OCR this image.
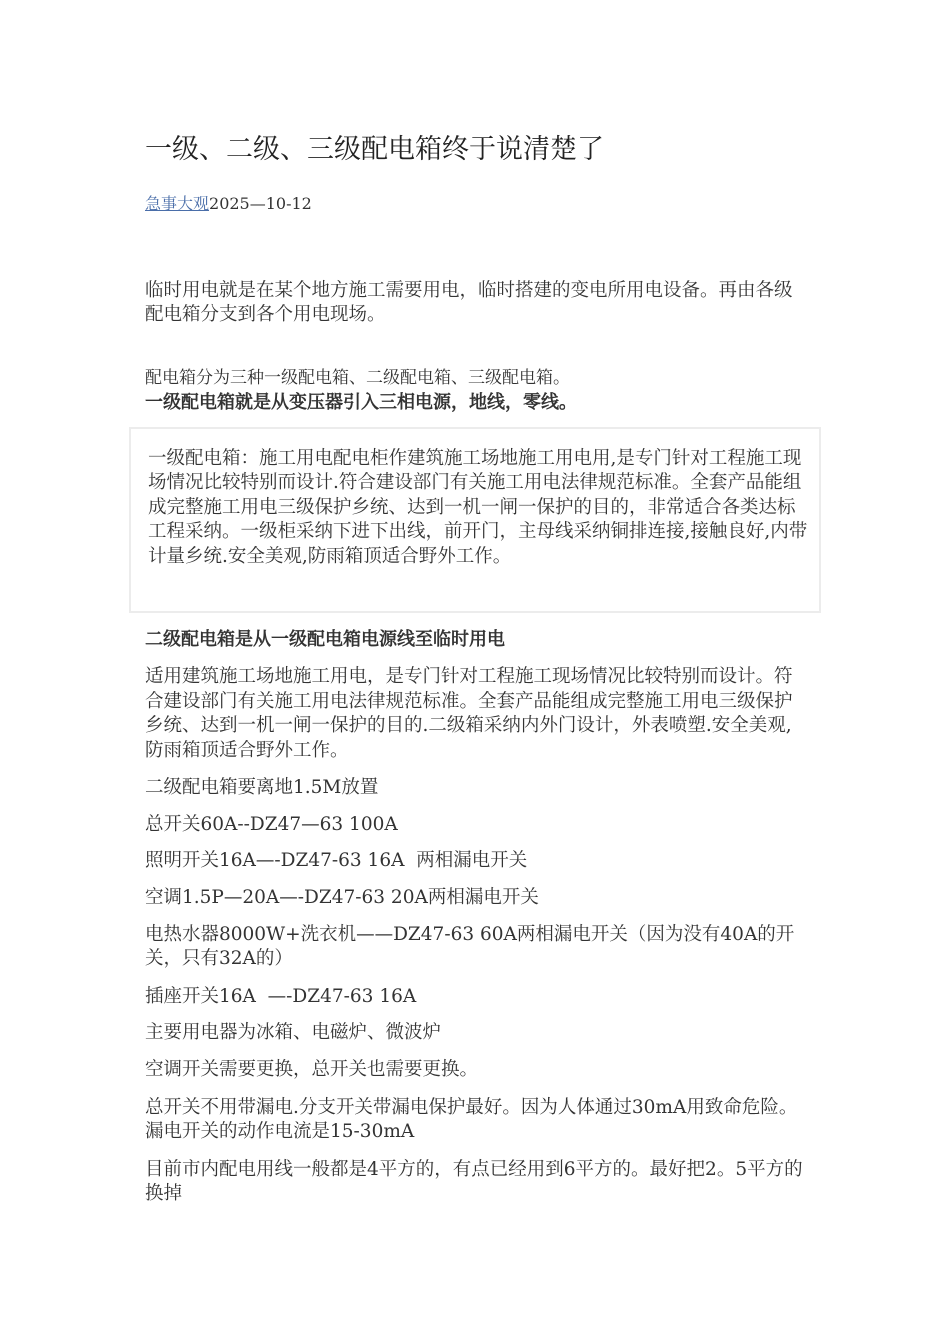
一级、二级、三级配电箱终于说清楚了
急事大观2025—10-12

临时用电就是在某个地方施工需要用电，临时搭建的变电所用电设备。再由各级配电箱分支到各个用电现场。

配电箱分为三种一级配电箱、二级配电箱、三级配电箱。

一级配电箱就是从变压器引入三相电源，地线，零线。

一级配电箱：施工用电配电柜作建筑施工场地施工用电用,是专门针对工程施工现场情况比较特别而设计.符合建设部门有关施工用电法律规范标准。全套产品能组成完整施工用电三级保护乡统、达到一机一闸一保护的目的，非常适合各类达标工程采纳。一级柜采纳下进下出线，前开门，主母线采纳铜排连接,接触良好,内带计量乡统.安全美观,防雨箱顶适合野外工作。

二级配电箱是从一级配电箱电源线至临时用电

适用建筑施工场地施工用电，是专门针对工程施工现场情况比较特别而设计。符合建设部门有关施工用电法律规范标准。全套产品能组成完整施工用电三级保护乡统、达到一机一闸一保护的目的.二级箱采纳内外门设计，外表喷塑.安全美观,防雨箱顶适合野外工作。

二级配电箱要离地1.5M放置

总开关60A--DZ47—63 100A

照明开关16A—-DZ47-63 16A  两相漏电开关

空调1.5P—20A—-DZ47-63 20A两相漏电开关

电热水器8000W+洗衣机——DZ47-63 60A两相漏电开关（因为没有40A的开关，只有32A的）

插座开关16A  —-DZ47-63 16A

主要用电器为冰箱、电磁炉、微波炉

空调开关需要更换，总开关也需要更换。

总开关不用带漏电.分支开关带漏电保护最好。因为人体通过30mA用致命危险。漏电开关的动作电流是15-30mA

目前市内配电用线一般都是4平方的，有点已经用到6平方的。最好把2。5平方的换掉
